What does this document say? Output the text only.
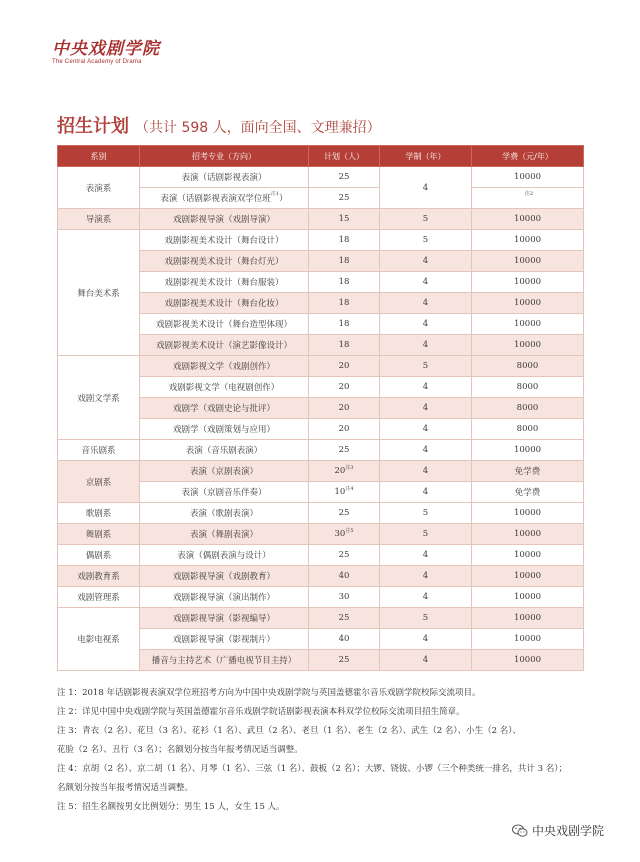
中央戏剧学院
The Central Academy of Drama
招生计划 （共计 598 人，面向全国、文理兼招）
系别	招考专业（方向）	计划（人）	学制（年）	学费（元/年）
表演系	表演（话剧影视表演）	25	4	10000
	表演（话剧影视表演双学位班$^{注1}$）	25		注2

导演系	戏剧影视导演（戏剧导演）	15	5	10000
舞台美术系	戏剧影视美术设计（舞台设计）	18	5	10000
	戏剧影视美术设计（舞台灯光）	18	4	10000
	戏剧影视美术设计（舞台服装）	18	4	10000
	戏剧影视美术设计（舞台化妆）	18	4	10000
	戏剧影视美术设计（舞台造型体现）	18	4	10000
	戏剧影视美术设计（演艺影像设计）	18	4	10000
戏剧文学系	戏剧影视文学（戏剧创作）	20	5	8000
	戏剧影视文学（电视剧创作）	20	4	8000
	戏剧学（戏剧史论与批评）	20	4	8000
	戏剧学（戏剧策划与应用）	20	4	8000
音乐剧系	表演（音乐剧表演）	25	4	10000
京剧系	表演（京剧表演）	20$^{注3}$	4	免学费
	表演（京剧音乐伴奏）	10$^{注4}$	4	免学费
歌剧系	表演（歌剧表演）	25	5	10000
舞剧系	表演（舞剧表演）	30$^{注5}$	5	10000
偶剧系	表演（偶剧表演与设计）	25	4	10000
戏剧教育系	戏剧影视导演（戏剧教育）	40	4	10000
戏剧管理系	戏剧影视导演（演出制作）	30	4	10000
电影电视系	戏剧影视导演（影视编导）	25	5	10000
	戏剧影视导演（影视制片）	40	4	10000
	播音与主持艺术（广播电视节目主持）	25	4	10000
注 1：2018 年话剧影视表演双学位班招考方向为中国中央戏剧学院与英国盖德霍尔音乐戏剧学院校际交流项目。
注 2：详见中国中央戏剧学院与英国盖德霍尔音乐戏剧学院话剧影视表演本科双学位校际交流项目招生简章。
注 3：青衣（2 名）、花旦（3 名）、花衫（1 名）、武旦（2 名）、老旦（1 名）、老生（2 名）、武生（2 名）、小生（2 名）、
花脸（2 名）、丑行（3 名）；名额划分按当年报考情况适当调整。
注 4：京胡（2 名）、京二胡（1 名）、月琴（1 名）、三弦（1 名）、鼓板（2 名）；大锣、铙钹、小锣（三个种类统一排名，共计 3 名）；
名额划分按当年报考情况适当调整。
注 5：招生名额按男女比例划分：男生 15 人，女生 15 人。
中央戏剧学院
